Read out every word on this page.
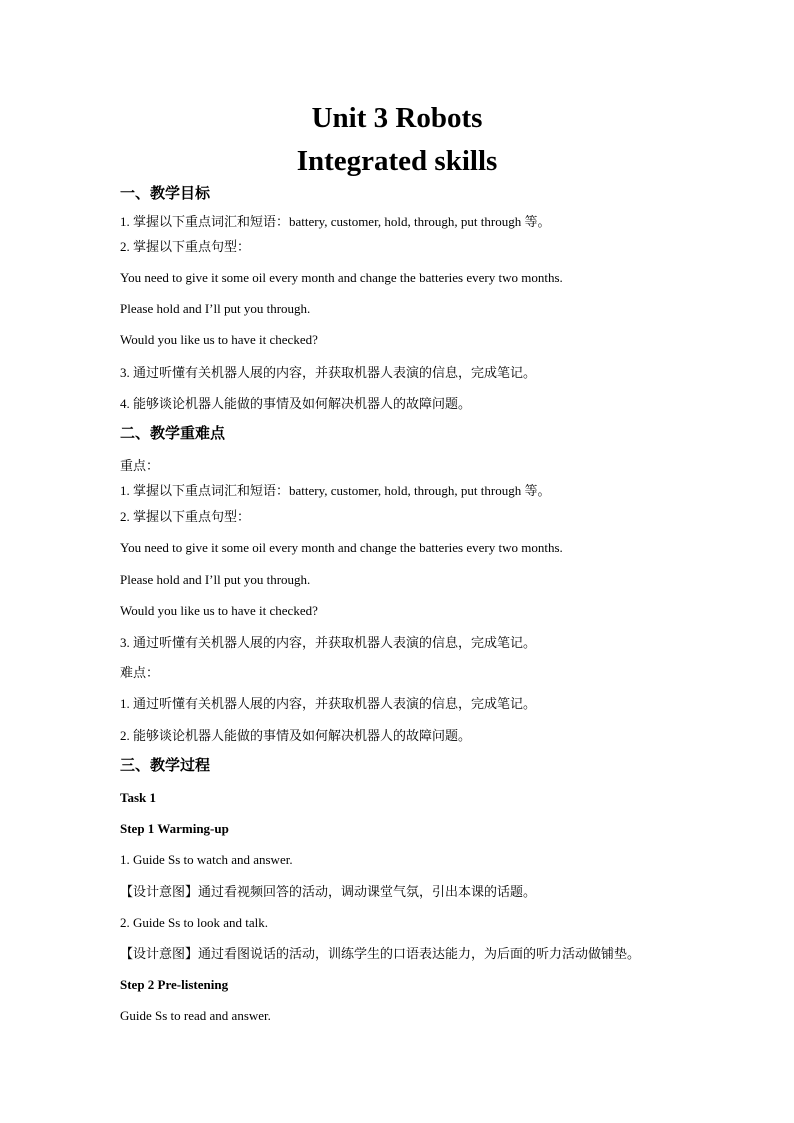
Unit 3 Robots
Integrated skills
一、教学目标
1. 掌握以下重点词汇和短语：battery, customer, hold, through, put through 等。
2. 掌握以下重点句型：
You need to give it some oil every month and change the batteries every two months.
Please hold and I’ll put you through.
Would you like us to have it checked?
3. 通过听懂有关机器人展的内容，并获取机器人表演的信息，完成笔记。
4. 能够谈论机器人能做的事情及如何解决机器人的故障问题。
二、教学重难点
重点：
1. 掌握以下重点词汇和短语：battery, customer, hold, through, put through 等。
2. 掌握以下重点句型：
You need to give it some oil every month and change the batteries every two months.
Please hold and I’ll put you through.
Would you like us to have it checked?
3. 通过听懂有关机器人展的内容，并获取机器人表演的信息，完成笔记。
难点：
1. 通过听懂有关机器人展的内容，并获取机器人表演的信息，完成笔记。
2. 能够谈论机器人能做的事情及如何解决机器人的故障问题。
三、教学过程
Task 1
Step 1 Warming-up
1. Guide Ss to watch and answer.
【设计意图】通过看视频回答的活动，调动课堂气氛，引出本课的话题。
2. Guide Ss to look and talk.
【设计意图】通过看图说话的活动，训练学生的口语表达能力，为后面的听力活动做铺垫。
Step 2 Pre-listening
Guide Ss to read and answer.
